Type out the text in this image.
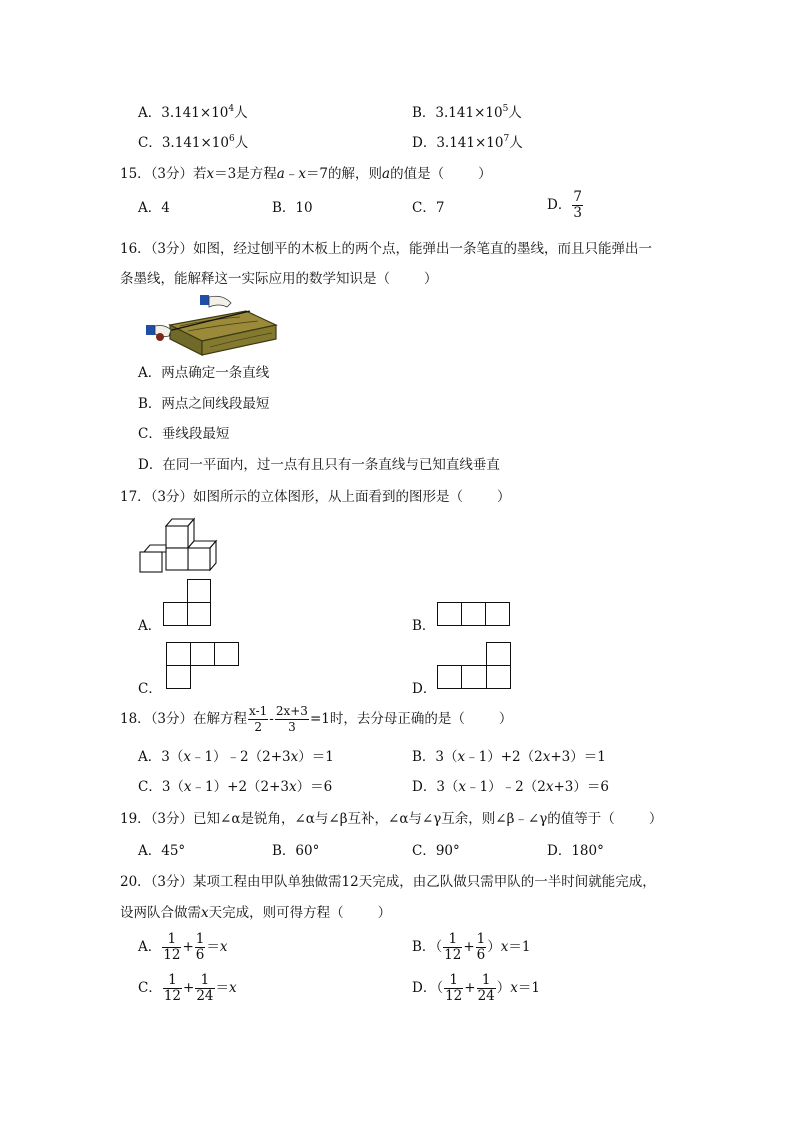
A．$3.141\times 10^4$人	B．$3.141\times 10^5$人
C．$3.141\times 10^6$人	D．$3.141\times 10^7$人
15．（3分）若x＝3是方程a﹣x＝7的解，则a的值是（	）
A．4	B．10	C．7	D． $\frac{7}{3}$
16．（3分）如图，经过刨平的木板上的两个点，能弹出一条笔直的墨线，而且只能弹出一
条墨线，能解释这一实际应用的数学知识是（	）
A．两点确定一条直线
B．两点之间线段最短
C．垂线段最短
D．在同一平面内，过一点有且只有一条直线与已知直线垂直
17．（3分）如图所示的立体图形，从上面看到的图形是（	）
A．	B．
C．	D．
18．（3分）在解方程 $\frac{x-1}{2} - \frac{2x+3}{3} =1$时，去分母正确的是（	）
A．3（x﹣1）﹣2（2+3x）＝1	B．3（x﹣1）+2（2x+3）＝1
C．3（x﹣1）+2（2+3x）＝6	D．3（x﹣1）﹣2（2x+3）＝6
19．（3分）已知∠α是锐角，∠α与∠β互补，∠α与∠γ互余，则∠β﹣∠γ的值等于（	）
A．45°	B．60°	C．90°	D．180°
20．（3分）某项工程由甲队单独做需12天完成，由乙队做只需甲队的一半时间就能完成，
设两队合做需x天完成，则可得方程（	）
A． $\frac{1}{12} + \frac{1}{6} =x$	B．（ $\frac{1}{12} + \frac{1}{6} )x=1$
C． $\frac{1}{12} + \frac{1}{24} =x$	D．（ $\frac{1}{12} + \frac{1}{24} )x=1$
